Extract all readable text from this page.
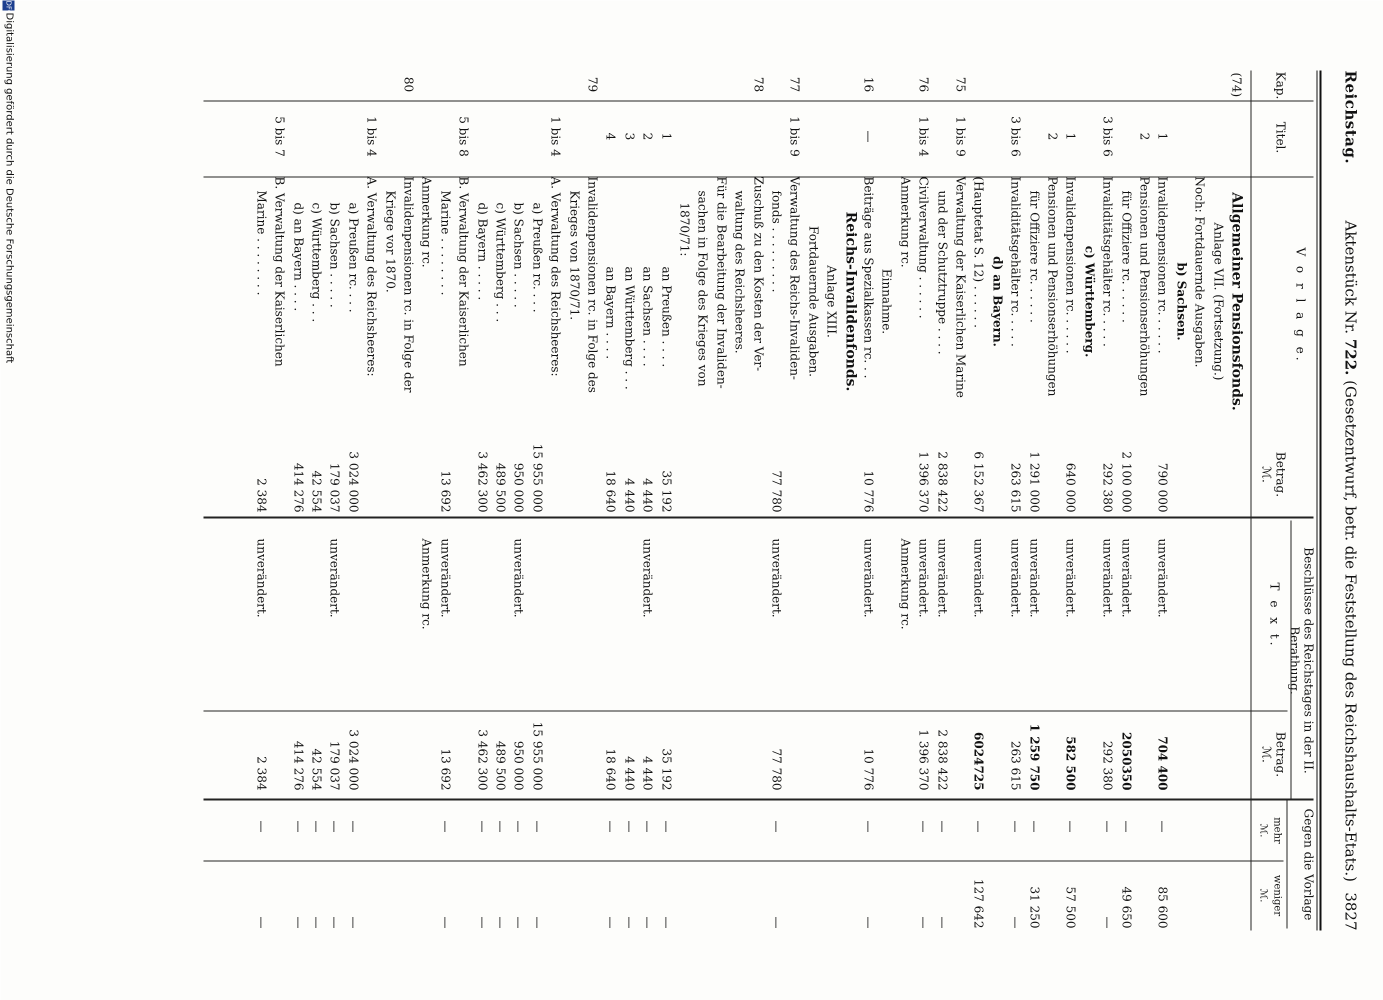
Reichstag.
Aktenstück Nr. 722. (Gesetzentwurf, betr. die Feststellung des Reichshaushalts-Etats.)
3827
Kap.
Titel.
V o r l a g e.
Betrag.
ℳ.
Beschlüsse des Reichstages in der II. Berathung.
T e x t.
Betrag.
ℳ.
Gegen die Vorlage
mehr
ℳ.
weniger
ℳ.
(74)
Allgemeiner Pensionsfonds.
Anlage VII. (Fortsetzung.)
Noch: Fortdauernde Ausgaben.
b) Sachsen.
1
Invalidenpensionen rc. . . . . .
790 000
unverändert.
704 400
—
85 600
2
Pensionen und Pensionserhöhungen
für Offiziere rc. . . . . .
2 100 000
unverändert.
2050350
—
49 650
3 bis 6
Invaliditätsgehälter rc. . . . .
292 380
unverändert.
292 380
—
—
c) Württemberg.
1
Invalidenpensionen rc. . . . . .
640 000
unverändert.
582 500
—
57 500
2
Pensionen und Pensionserhöhungen
für Offiziere rc. . . . . .
1 291 000
unverändert.
1 259 750
—
31 250
3 bis 6
Invaliditätsgehälter rc. . . . .
263 615
unverändert.
263 615
—
—
d) an Bayern.
(Hauptetat S. 12) . . . . . .
6 152 367
unverändert.
6024725
—
127 642
75
1 bis 9
Verwaltung der Kaiserlichen Marine
und der Schutztruppe . . . .
2 838 422
unverändert.
2 838 422
—
—
76
1 bis 4
Civilverwaltung . . . . . .
1 396 370
unverändert.
1 396 370
—
—
Anmerkung rc.
Anmerkung rc.
Einnahme.
16
—
Beiträge aus Spezialkassen rc. . .
10 776
unverändert.
10 776
—
—
Reichs-Invalidenfonds.
Anlage XIII.
Fortdauernde Ausgaben.
77
1 bis 9
Verwaltung des Reichs-Invaliden-
fonds . . . . . . . . .
77 780
unverändert.
77 780
—
—
78
Zuschuß zu den Kosten der Ver-
waltung des Reichsheeres.
Für die Bearbeitung der Invaliden-
sachen in Folge des Krieges von
1870/71:
1
an Preußen . . . .
35 192
35 192
—
—
2
an Sachsen . . . .
4 440
unverändert.
4 440
—
—
3
an Württemberg . . .
4 440
4 440
—
—
4
an Bayern . . . .
18 640
18 640
—
—
79
Invalidenpensionen rc. in Folge des
Krieges von 1870/71.
1 bis 4
A. Verwaltung des Reichsheeres:
a) Preußen rc. . . .
15 955 000
15 955 000
—
—
b) Sachsen . . . . .
950 000
unverändert.
950 000
—
—
c) Württemberg . . .
489 500
489 500
—
—
d) Bayern . . . . .
3 462 300
3 462 300
—
—
5 bis 8
B. Verwaltung der Kaiserlichen
Marine . . . . . . . .
13 692
unverändert.
13 692
—
—
Anmerkung rc.
Anmerkung rc.
80
Invalidenpensionen rc. in Folge der
Kriege vor 1870.
1 bis 4
A. Verwaltung des Reichsheeres:
a) Preußen rc. . . .
3 024 000
3 024 000
—
—
b) Sachsen . . . . .
179 037
unverändert.
179 037
—
—
c) Württemberg . . .
42 554
42 554
—
—
d) an Bayern . . . .
414 276
414 276
—
—
5 bis 7
B. Verwaltung der Kaiserlichen
Marine . . . . . . . .
2 384
unverändert.
2 384
—
—
DFG
Digitalisierung gefördert durch die Deutsche Forschungsgemeinschaft
